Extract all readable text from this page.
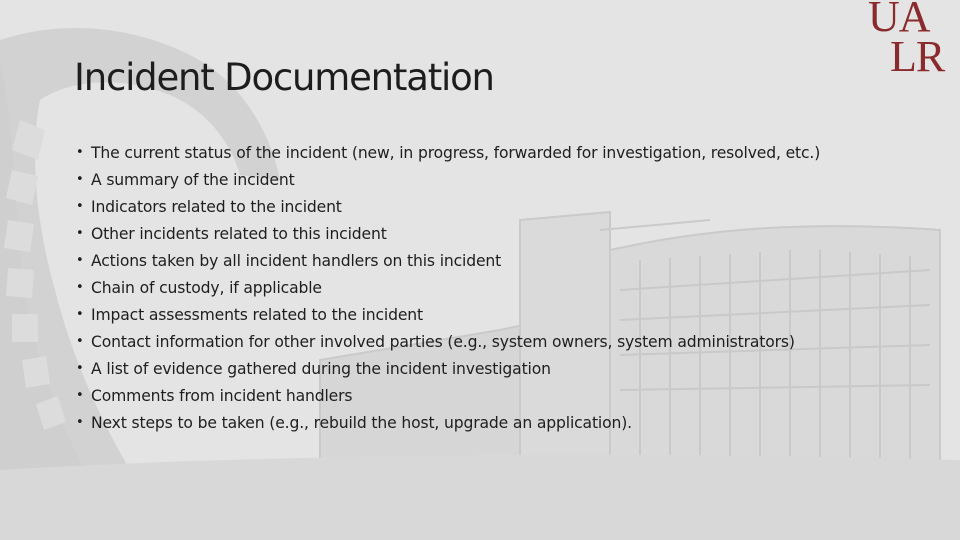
UA
LR
Incident Documentation
• The current status of the incident (new, in progress, forwarded for investigation, resolved, etc.)
• A summary of the incident
• Indicators related to the incident
• Other incidents related to this incident
• Actions taken by all incident handlers on this incident
• Chain of custody, if applicable
• Impact assessments related to the incident
• Contact information for other involved parties (e.g., system owners, system administrators)
• A list of evidence gathered during the incident investigation
• Comments from incident handlers
• Next steps to be taken (e.g., rebuild the host, upgrade an application).
